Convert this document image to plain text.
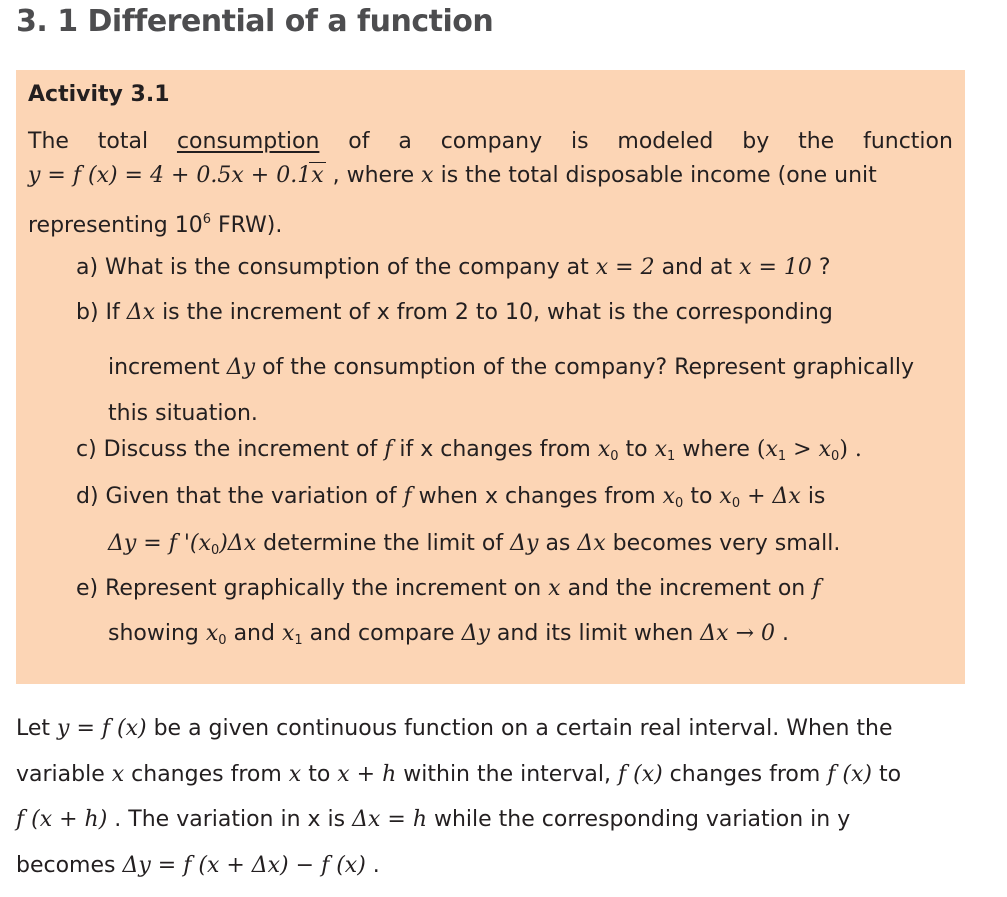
3. 1 Differential of a function
Activity 3.1
The total consumption of a company is modeled by the function
y = f (x) = 4 + 0.5x + 0.1x , where x is the total disposable income (one unit
representing $10^6$ FRW).
a) What is the consumption of the company at x = 2 and at x = 10 ?
b) If Δx is the increment of x from 2 to 10, what is the corresponding
increment Δy of the consumption of the company? Represent graphically
this situation.
c) Discuss the increment of f if x changes from $x_0$ to $x_1$ where $(x_1 > x_0)$ .
d) Given that the variation of f when x changes from $x_0$ to $x_0 + \Delta x$ is
Δy = f '$(x_0)\Delta x$ determine the limit of Δy as Δx becomes very small.
e) Represent graphically the increment on x and the increment on f
showing $x_0$ and $x_1$ and compare Δy and its limit when Δx → 0 .
Let y = f (x) be a given continuous function on a certain real interval. When the
variable x changes from x to x + h within the interval, f (x) changes from f (x) to
f (x + h) . The variation in x is Δx = h while the corresponding variation in y
becomes Δy = f (x + Δx) − f (x) .
